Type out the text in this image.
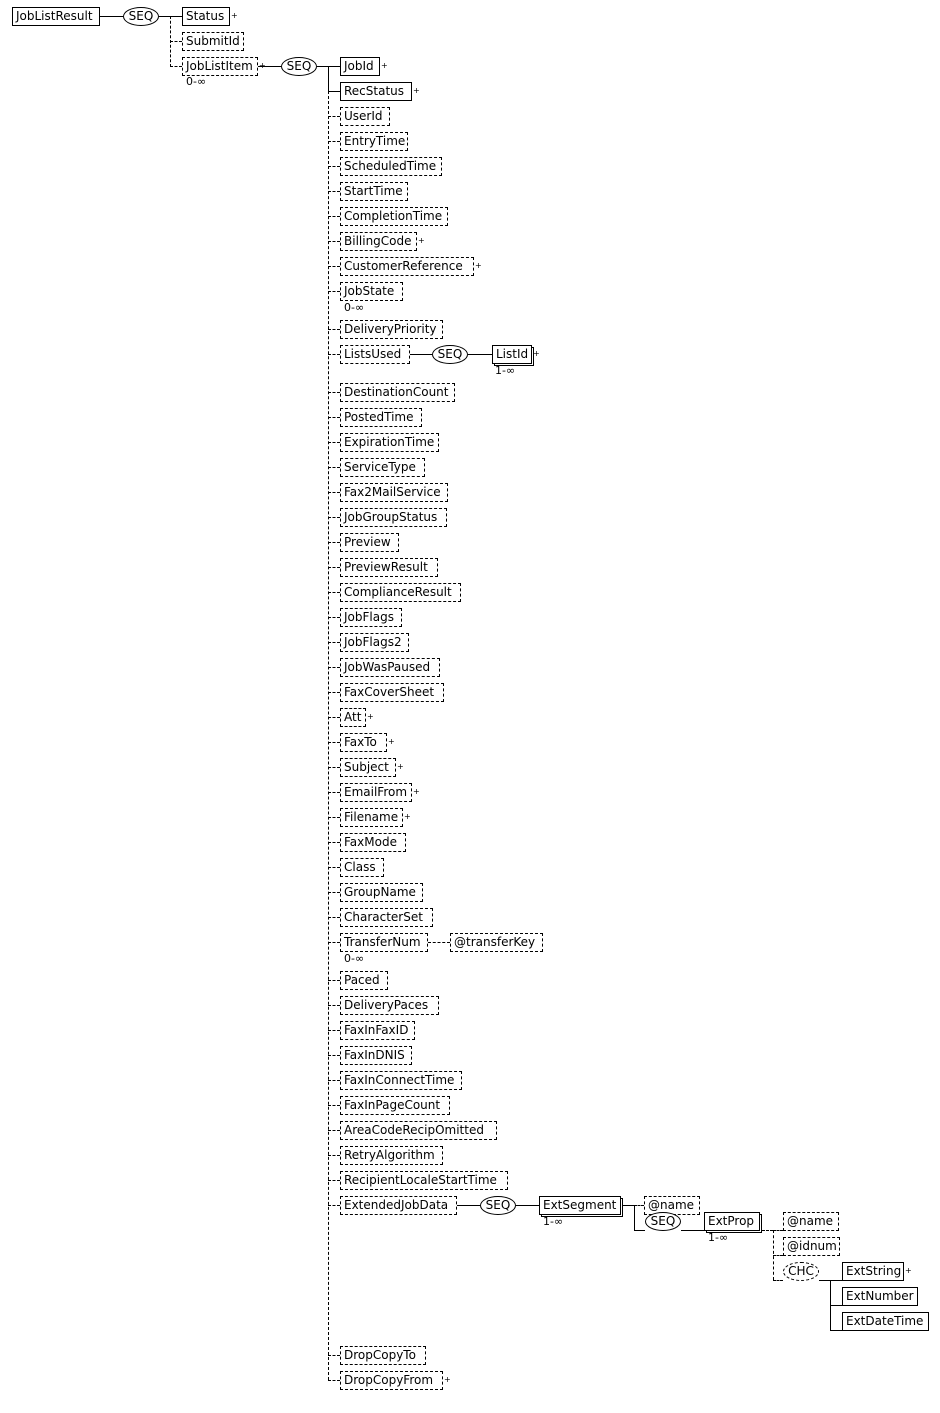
JobListResult	SEQ	Status +
SubmitId
JobListItem +
0-∞
SEQ	JobId +
RecStatus	+
UserId
EntryTime
ScheduledTime
StartTime
CompletionTime
BillingCode +
CustomerReference	+
JobState
0-∞
DeliveryPriority
ListsUsed	SEQ	ListId +
1-∞
DestinationCount
PostedTime
ExpirationTime
ServiceType
Fax2MailService
JobGroupStatus
Preview
PreviewResult
ComplianceResult
JobFlags
JobFlags2
JobWasPaused
FaxCoverSheet
Att +
FaxTo	+
Subject	+
EmailFrom +
Filename +
FaxMode
Class
GroupName
CharacterSet
TransferNum	@transferKey
0-∞
Paced
DeliveryPaces
FaxInFaxID
FaxInDNIS
FaxInConnectTime
FaxInPageCount
AreaCodeRecipOmitted
RetryAlgorithm
RecipientLocaleStartTime
ExtendedJobData	SEQ	ExtSegment
1-∞
@name
SEQ	ExtProp
1-∞
@name
@idnum
CHC	ExtString +
ExtNumber
ExtDateTime
DropCopyTo
DropCopyFrom	+
